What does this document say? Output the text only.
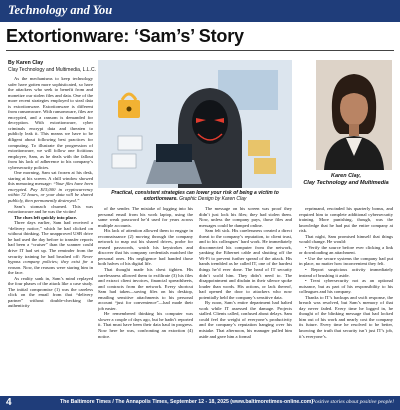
Technology and You
Extortionware: ‘Sam’s’ Story
By Karen Clay
Clay Technology and Multimedia, L.L.C.
Practical, consistent strategies can lower your risk of being a victim to extortionware. Graphic Design by Karen Clay
Karen Clay,
Clay Technology and Multimedia

As the mechanisms to keep technology safer have gotten more sophisticated, so have the attackers who seek to benefit from and monetize our stolen files and data. One of the more recent strategies employed to steal data is extortionware. Extortionware is different from ransomware. With ransomware, files are encrypted, and a ransom is demanded for decryption. With extortionware, cyber criminals encrypt data and threaten to publicly leak it. This means we have to be diligent about following best practices for computing. To illustrate the progression of extortionware, we will follow one fictitious employee, Sam, as he deals with the fallout from his lack of adherence to his company’s cybersecurity policies.

One morning, Sam sat frozen at his desk, staring at his screen. A chill window showed this menacing message: “Your files have been encrypted. Pay $15,000 in cryptocurrency within 72 hours, or your data will be shared publicly, then permanently destroyed.”

Sam’s stomach churned. This was extortionware and he was the victim!

The clues left quickly into place.

Three days earlier, Sam had received a “delivery notice,” which he had clicked on without thinking. The unapproved USB drive he had used the day before to transfer reports had been a “cruiser” than the scanner could drive IT had set up. The reminder from the security training he had brushed off: Never bypass company policies; they exist for a reason. Now, the reasons were staring him in the face.

As reality sank in, Sam’s mind replayed the four phases of the attack like a case study. The initial compromise (1) was the careless click on the email from that “delivery partner” without double-checking the authenticity

of the sender. The mistake of logging into his personal email from his work laptop, using the same weak password he’d used for years across multiple accounts.

His lack of attention allowed them to engage in reconnaissance (2) moving through the company network to map out his shared drives, probe for reused passwords, watch his keystrokes and discover that his company credentials matched the personal ones. His negligence had handed those both halves of his digital life.

That thought made his chest tighten. His carelessness allowed them to exfiltrate (3) his files and extract client invoices, financial spreadsheets, and contracts from the network. Every shortcut Sam had taken—saving files on his desktop, emailing sensitive attachments to his personal account “just for convenience”—had made their job easier.

He remembered thinking his computer was slower a couple of days ago, but he hadn’t reported it. That must have been their data haul in progress. Now here he was, confronting an extortion (4) notice.

The message on his screen was proof they didn’t just lock his files; they had stolen them. Now, unless the company pays, those files and messages could be dumped online.

Sam felt sick. His carelessness created a direct threat to the company’s reputation, to client trust, and to his colleagues’ hard work. He immediately disconnected his computer from the network, yanking the Ethernet cable and shutting off the Wi-Fi to prevent further spread of the attack. His hands trembled as he called IT, one of the hardest things he’d ever done. The head of IT security didn’t scold him. They didn’t need to. The disappointment and disdain in their silence spoke louder than words. His actions, or lack thereof, had opened the door to attackers who now potentially held the company’s sensitive data.

By noon, Sam’s entire department had halted work while IT assessed the damage. Projects stalled. Clients called, confused about delays. Sam could feel the weight of everyone’s productivity and the company’s reputation hanging over his mistake. That afternoon, his manager pulled him aside and gave him a formal

reprimand, rescinded his quarterly bonus, and required him to complete additional cybersecurity training. More punishing, though, was the knowledge that he had put the entire company at risk.

That night, Sam promised himself that things would change. He would:

• Verify the source before ever clicking a link or downloading an attachment.

• Use the secure systems the company had put in place, no matter how inconvenient they felt.

• Report suspicious activity immediately instead of brushing it aside.

• Treat cybersecurity not as an optional nuisance, but as part of his responsibility to his colleagues and his company.

Thanks to IT’s backups and swift response, the breach was resolved, but Sam’s memory of that day never faded. Every time he logged in, he thought of the blinking message that had locked him out of his work and nearly cost the company its future. Every time he resolved to be better, knowing the truth that security isn’t just IT’s job, it’s everyone’s.

4	The Baltimore Times / The Annapolis Times, September 12 - 18, 2025 (www.baltimoretimes-online.com)
Positive stories about positive people!
